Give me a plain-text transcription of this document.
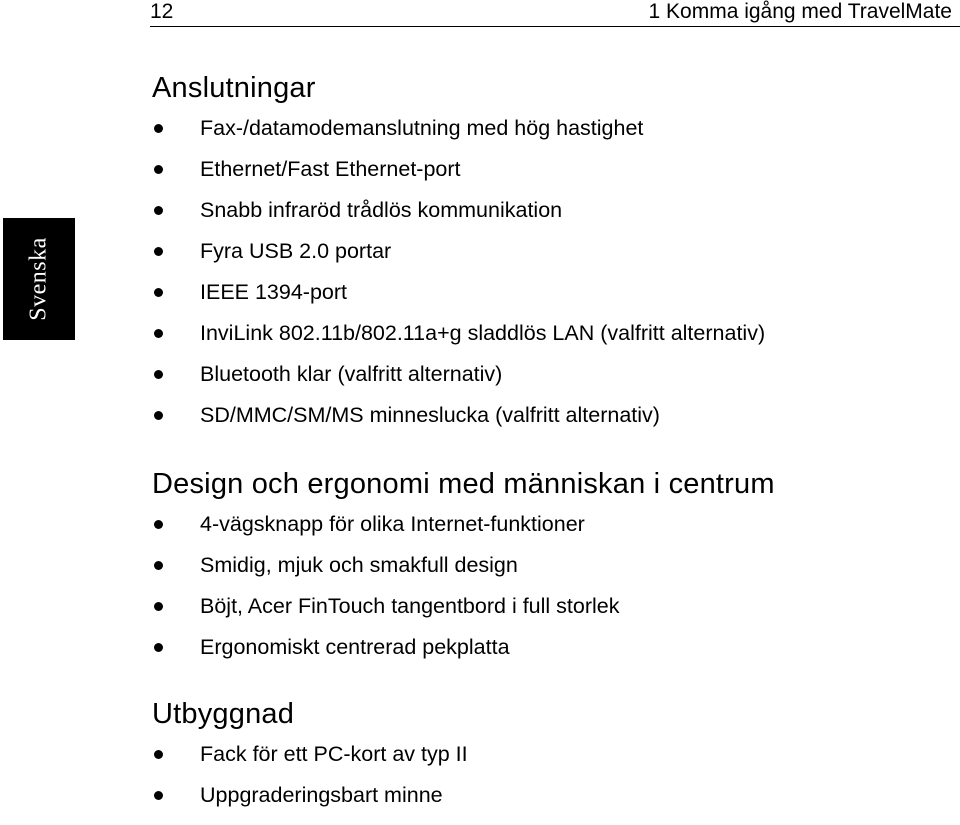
12	1 Komma igång med TravelMate
Svenska
Anslutningar
Fax-/datamodemanslutning med hög hastighet
Ethernet/Fast Ethernet-port
Snabb infraröd trådlös kommunikation
Fyra USB 2.0 portar
IEEE 1394-port
InviLink 802.11b/802.11a+g sladdlös LAN (valfritt alternativ)
Bluetooth klar (valfritt alternativ)
SD/MMC/SM/MS minneslucka (valfritt alternativ)
Design och ergonomi med människan i centrum
4-vägsknapp för olika Internet-funktioner
Smidig, mjuk och smakfull design
Böjt, Acer FinTouch tangentbord i full storlek
Ergonomiskt centrerad pekplatta
Utbyggnad
Fack för ett PC-kort av typ II
Uppgraderingsbart minne
